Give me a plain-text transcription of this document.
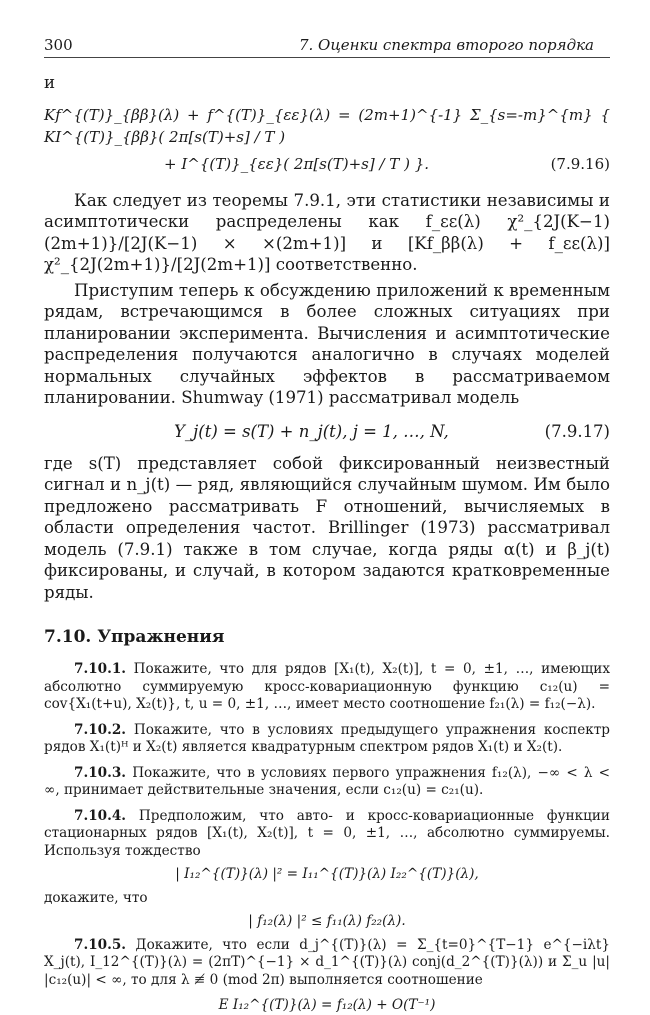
300	7. Оценки спектра второго порядка

и

Kf^{(T)}_{ββ}(λ) + f^{(T)}_{εε}(λ) = (2m+1)^{-1} Σ_{s=-m}^{m} { KI^{(T)}_{ββ}( 2π[s(T)+s] / T )

+ I^{(T)}_{εε}( 2π[s(T)+s] / T ) }.	(7.9.16)

Как следует из теоремы 7.9.1, эти статистики независимы и асимптотически распределены как f_εε(λ) χ²_{2J(K−1)(2m+1)}/[2J(K−1) × ×(2m+1)] и [Kf_ββ(λ) + f_εε(λ)] χ²_{2J(2m+1)}/[2J(2m+1)] соответственно.

Приступим теперь к обсуждению приложений к временным рядам, встречающимся в более сложных ситуациях при планировании эксперимента. Вычисления и асимптотические распределения получаются аналогично в случаях моделей нормальных случайных эффектов в рассматриваемом планировании. Shumway (1971) рассматривал модель

Y_j(t) = s(T) + n_j(t), j = 1, …, N,	(7.9.17)

где s(T) представляет собой фиксированный неизвестный сигнал и n_j(t) — ряд, являющийся случайным шумом. Им было предложено рассматривать F отношений, вычисляемых в области определения частот. Brillinger (1973) рассматривал модель (7.9.1) также в том случае, когда ряды α(t) и β_j(t) фиксированы, и случай, в котором задаются кратковременные ряды.

7.10. Упражнения

7.10.1. Покажите, что для рядов [X₁(t), X₂(t)], t = 0, ±1, …, имеющих абсолютно суммируемую кросс-ковариационную функцию c₁₂(u) = cov{X₁(t+u), X₂(t)}, t, u = 0, ±1, …, имеет место соотношение f₂₁(λ) = f₁₂(−λ).

7.10.2. Покажите, что в условиях предыдущего упражнения коспектр рядов X₁(t)ᴴ и X₂(t) является квадратурным спектром рядов X₁(t) и X₂(t).

7.10.3. Покажите, что в условиях первого упражнения f₁₂(λ), −∞ < λ < ∞, принимает действительные значения, если c₁₂(u) = c₂₁(u).

7.10.4. Предположим, что авто- и кросс-ковариационные функции стационарных рядов [X₁(t), X₂(t)], t = 0, ±1, …, абсолютно суммируемы. Используя тождество

| I₁₂^{(T)}(λ) |² = I₁₁^{(T)}(λ) I₂₂^{(T)}(λ),

докажите, что

| f₁₂(λ) |² ≤ f₁₁(λ) f₂₂(λ).

7.10.5. Докажите, что если d_j^{(T)}(λ) = Σ_{t=0}^{T−1} e^{−iλt} X_j(t), I_12^{(T)}(λ) = (2πT)^{−1} × d_1^{(T)}(λ) conj(d_2^{(T)}(λ)) и Σ_u |u| |c₁₂(u)| < ∞, то для λ ≢ 0 (mod 2π) выполняется соотношение

E I₁₂^{(T)}(λ) = f₁₂(λ) + O(T⁻¹)
